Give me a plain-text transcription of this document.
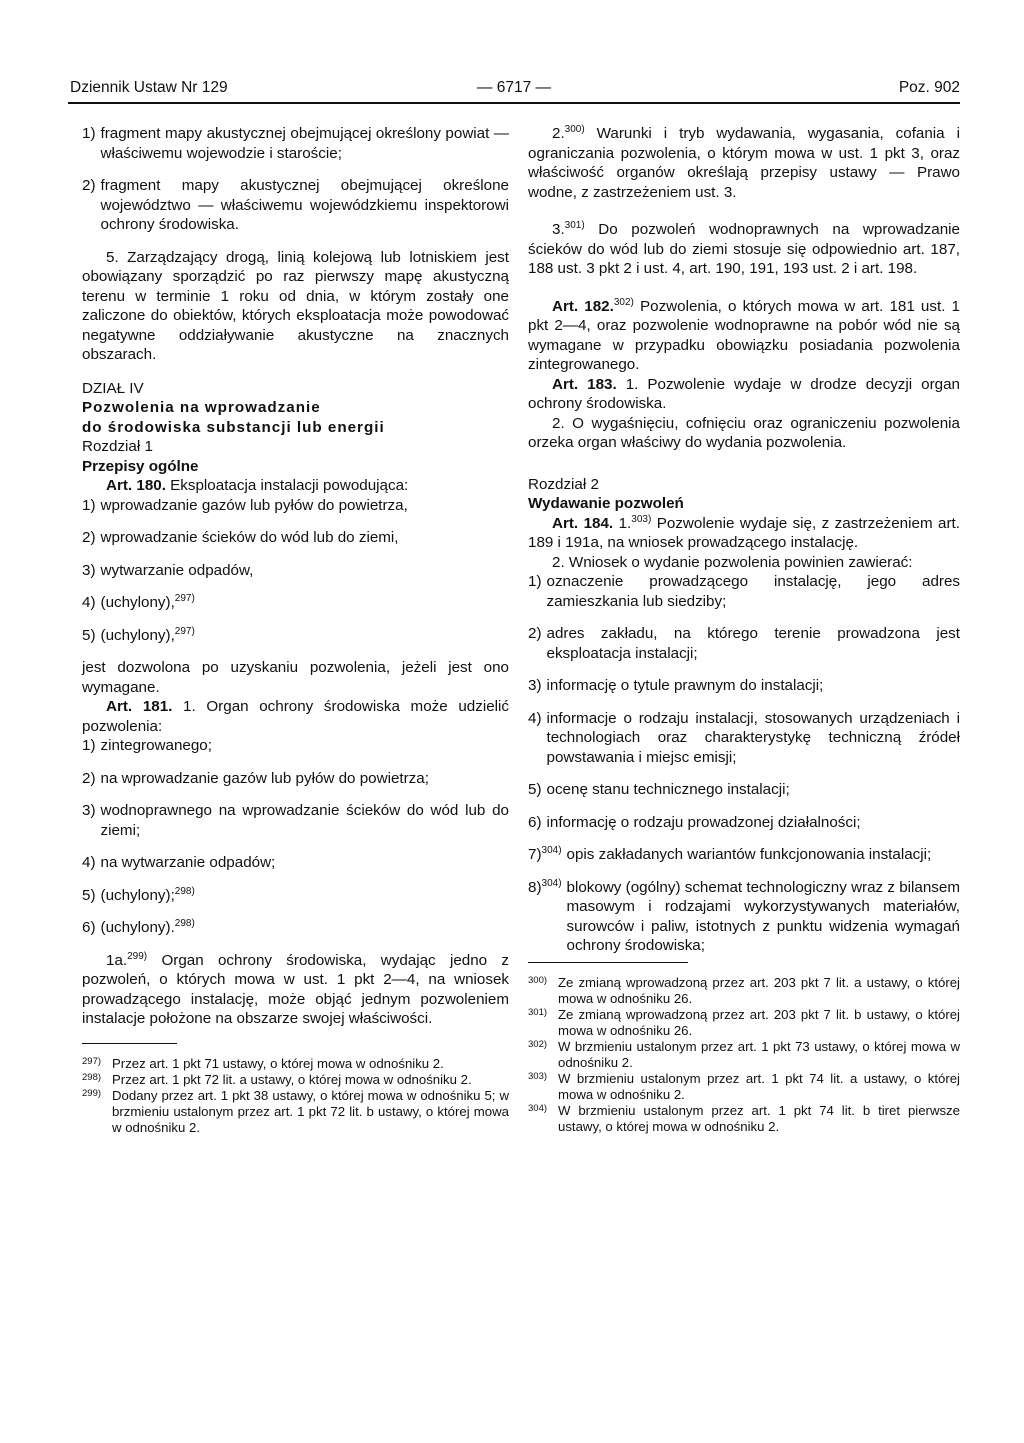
Dziennik Ustaw Nr 129	— 6717 —	Poz. 902
1) fragment mapy akustycznej obejmującej określony powiat — właściwemu wojewodzie i staroście;
2) fragment mapy akustycznej obejmującej określone województwo — właściwemu wojewódzkiemu inspektorowi ochrony środowiska.

5. Zarządzający drogą, linią kolejową lub lotniskiem jest obowiązany sporządzić po raz pierwszy mapę akustyczną terenu w terminie 1 roku od dnia, w którym zostały one zaliczone do obiektów, których eksploatacja może powodować negatywne oddziaływanie akustyczne na znacznych obszarach.

DZIAŁ IV

Pozwolenia na wprowadzanie
do środowiska substancji lub energii

Rozdział 1

Przepisy ogólne

Art. 180. Eksploatacja instalacji powodująca:

1) wprowadzanie gazów lub pyłów do powietrza,
2) wprowadzanie ścieków do wód lub do ziemi,
3) wytwarzanie odpadów,
4) (uchylony),$^{297)}$
5) (uchylony),$^{297)}$

jest dozwolona po uzyskaniu pozwolenia, jeżeli jest ono wymagane.

Art. 181. 1. Organ ochrony środowiska może udzielić pozwolenia:

1) zintegrowanego;
2) na wprowadzanie gazów lub pyłów do powietrza;
3) wodnoprawnego na wprowadzanie ścieków do wód lub do ziemi;
4) na wytwarzanie odpadów;
5) (uchylony);$^{298)}$
6) (uchylony).$^{298)}$

1a.$^{299)}$ Organ ochrony środowiska, wydając jedno z pozwoleń, o których mowa w ust. 1 pkt 2—4, na wniosek prowadzącego instalację, może objąć jednym pozwoleniem instalacje położone na obszarze swojej właściwości.

297) Przez art. 1 pkt 71 ustawy, o której mowa w odnośniku 2.
298) Przez art. 1 pkt 72 lit. a ustawy, o której mowa w odnośniku 2.
299) Dodany przez art. 1 pkt 38 ustawy, o której mowa w odnośniku 5; w brzmieniu ustalonym przez art. 1 pkt 72 lit. b ustawy, o której mowa w odnośniku 2.

2.$^{300)}$ Warunki i tryb wydawania, wygasania, cofania i ograniczania pozwolenia, o którym mowa w ust. 1 pkt 3, oraz właściwość organów określają przepisy ustawy — Prawo wodne, z zastrzeżeniem ust. 3.

3.$^{301)}$ Do pozwoleń wodnoprawnych na wprowadzanie ścieków do wód lub do ziemi stosuje się odpowiednio art. 187, 188 ust. 3 pkt 2 i ust. 4, art. 190, 191, 193 ust. 2 i art. 198.

Art. 182.$^{302)}$ Pozwolenia, o których mowa w art. 181 ust. 1 pkt 2—4, oraz pozwolenie wodnoprawne na pobór wód nie są wymagane w przypadku obowiązku posiadania pozwolenia zintegrowanego.

Art. 183. 1. Pozwolenie wydaje w drodze decyzji organ ochrony środowiska.

2. O wygaśnięciu, cofnięciu oraz ograniczeniu pozwolenia orzeka organ właściwy do wydania pozwolenia.

Rozdział 2

Wydawanie pozwoleń

Art. 184. 1.$^{303)}$ Pozwolenie wydaje się, z zastrzeżeniem art. 189 i 191a, na wniosek prowadzącego instalację.

2. Wniosek o wydanie pozwolenia powinien zawierać:

1) oznaczenie prowadzącego instalację, jego adres zamieszkania lub siedziby;
2) adres zakładu, na którego terenie prowadzona jest eksploatacja instalacji;
3) informację o tytule prawnym do instalacji;
4) informacje o rodzaju instalacji, stosowanych urządzeniach i technologiach oraz charakterystykę techniczną źródeł powstawania i miejsc emisji;
5) ocenę stanu technicznego instalacji;
6) informację o rodzaju prowadzonej działalności;
7)$^{304)}$ opis zakładanych wariantów funkcjonowania instalacji;
8)$^{304)}$ blokowy (ogólny) schemat technologiczny wraz z bilansem masowym i rodzajami wykorzystywanych materiałów, surowców i paliw, istotnych z punktu widzenia wymagań ochrony środowiska;
300) Ze zmianą wprowadzoną przez art. 203 pkt 7 lit. a ustawy, o której mowa w odnośniku 26.
301) Ze zmianą wprowadzoną przez art. 203 pkt 7 lit. b ustawy, o której mowa w odnośniku 26.
302) W brzmieniu ustalonym przez art. 1 pkt 73 ustawy, o której mowa w odnośniku 2.
303) W brzmieniu ustalonym przez art. 1 pkt 74 lit. a ustawy, o której mowa w odnośniku 2.
304) W brzmieniu ustalonym przez art. 1 pkt 74 lit. b tiret pierwsze ustawy, o której mowa w odnośniku 2.
